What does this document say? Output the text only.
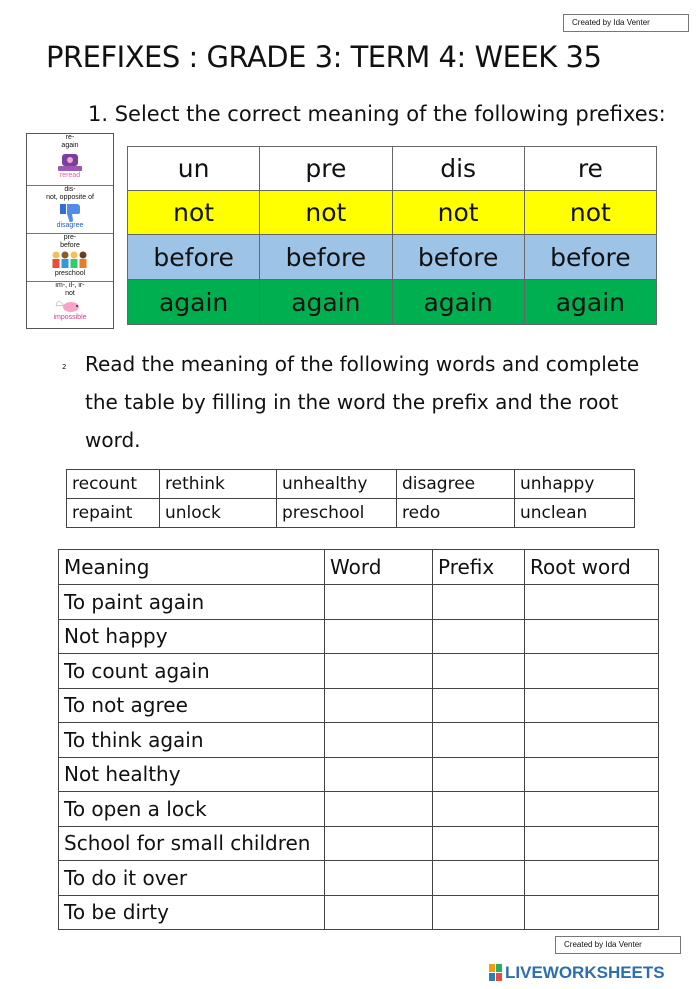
Created by Ida Venter
Created by Ida Venter
PREFIXES : GRADE 3: TERM 4: WEEK 35
1. Select the correct meaning of the following prefixes:
re-
again
reread
dis-
not, opposite of
disagree
pre-
before
preschool
im-, il-, ir-
not
impossible
un	pre	dis	re
not	not	not	not
before	before	before	before
again	again	again	again
2 Read the meaning of the following words and complete the table by filling in the word the prefix and the root word.
recount	rethink	unhealthy	disagree	unhappy
repaint	unlock	preschool	redo	unclean
Meaning	Word	Prefix	Root word
To paint again			
Not happy			
To count again			
To not agree			
To think again			
Not healthy			
To open a lock			
School for small children			
To do it over			
To be dirty			
LIVEWORKSHEETS
